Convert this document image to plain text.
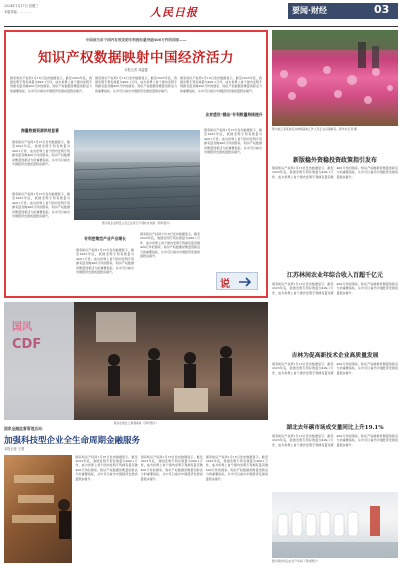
2024年1月17日 星期三
本版责编：… … …	人民日报	要闻·财经	03
中国成为首个国内有效发明专利拥有量突破400万件的国家——
知识产权数据映射中国经济活力
本报记者 刘温馨
国家知识产权局1月16日发布数据显示，截至2023年底，我国发明专利有效量为499.1万件，成为世界上首个国内发明专利拥有量突破400万件的国家。知识产权数据是衡量创新活力的重要指标，从中可以看出中国经济发展质量稳步提升。
国家知识产权局1月16日发布数据显示，截至2023年底，我国发明专利有效量为499.1万件，成为世界上首个国内发明专利拥有量突破400万件的国家。知识产权数据是衡量创新活力的重要指标，从中可以看出中国经济发展质量稳步提升。
国家知识产权局1月16日发布数据显示，截至2023年底，我国发明专利有效量为499.1万件，成为世界上首个国内发明专利拥有量突破400万件的国家。知识产权数据是衡量创新活力的重要指标，从中可以看出中国经济发展质量稳步提升。
业界盛世"精品"专利数量持续提升
海量数据资源供给显著
国家知识产权局1月16日发布数据显示，截至2023年底，我国发明专利有效量为499.1万件，成为世界上首个国内发明专利拥有量突破400万件的国家。知识产权数据是衡量创新活力的重要指标，从中可以看出中国经济发展质量稳步提升。
国家知识产权局1月16日发布数据显示，截至2023年底，我国发明专利有效量为499.1万件，成为世界上首个国内发明专利拥有量突破400万件的国家。知识产权数据是衡量创新活力的重要指标，从中可以看出中国经济发展质量稳步提升。
图为某企业研发人员正在进行专利技术试验（资料图片）
国家知识产权局1月16日发布数据显示，截至2023年底，我国发明专利有效量为499.1万件，成为世界上首个国内发明专利拥有量突破400万件的国家。知识产权数据是衡量创新活力的重要指标，从中可以看出中国经济发展质量稳步提升。
专利密集型产业产出增长
国家知识产权局1月16日发布数据显示，截至2023年底，我国发明专利有效量为499.1万件，成为世界上首个国内发明专利拥有量突破400万件的国家。知识产权数据是衡量创新活力的重要指标，从中可以看出中国经济发展质量稳步提升。
国家知识产权局1月16日发布数据显示，截至2023年底，我国发明专利有效量为499.1万件，成为世界上首个国内发明专利拥有量突破400万件的国家。知识产权数据是衡量创新活力的重要指标，从中可以看出中国经济发展质量稳步提升。
说
图为浙江省某地花卉种植基地工作人员正在采摘鲜花。新华社记者 摄
新版稳外资稳投资政策指引发布
国家知识产权局1月16日发布数据显示，截至2023年底，我国发明专利有效量为499.1万件，成为世界上首个国内发明专利拥有量突破400万件的国家。知识产权数据是衡量创新活力的重要指标，从中可以看出中国经济发展质量稳步提升。
江苏林间农业年综合收入百超千亿元
国家知识产权局1月16日发布数据显示，截至2023年底，我国发明专利有效量为499.1万件，成为世界上首个国内发明专利拥有量突破400万件的国家。知识产权数据是衡量创新活力的重要指标，从中可以看出中国经济发展质量稳步提升。
吉林为促高新技术企业高质量发展
国家知识产权局1月16日发布数据显示，截至2023年底，我国发明专利有效量为499.1万件，成为世界上首个国内发明专利拥有量突破400万件的国家。知识产权数据是衡量创新活力的重要指标，从中可以看出中国经济发展质量稳步提升。
湖北去年碳市场成交量同比上升19.1%
国家知识产权局1月16日发布数据显示，截至2023年底，我国发明专利有效量为499.1万件，成为世界上首个国内发明专利拥有量突破400万件的国家。知识产权数据是衡量创新活力的重要指标，从中可以看出中国经济发展质量稳步提升。
图为某纺织企业生产车间（资料图片）
国风
CDF
观众在展会上参观体验（资料图片）
国家金融监督管理总局：
加强科技型企业全生命周期金融服务
本报记者 王观
国家知识产权局1月16日发布数据显示，截至2023年底，我国发明专利有效量为499.1万件，成为世界上首个国内发明专利拥有量突破400万件的国家。知识产权数据是衡量创新活力的重要指标，从中可以看出中国经济发展质量稳步提升。
国家知识产权局1月16日发布数据显示，截至2023年底，我国发明专利有效量为499.1万件，成为世界上首个国内发明专利拥有量突破400万件的国家。知识产权数据是衡量创新活力的重要指标，从中可以看出中国经济发展质量稳步提升。
国家知识产权局1月16日发布数据显示，截至2023年底，我国发明专利有效量为499.1万件，成为世界上首个国内发明专利拥有量突破400万件的国家。知识产权数据是衡量创新活力的重要指标，从中可以看出中国经济发展质量稳步提升。
